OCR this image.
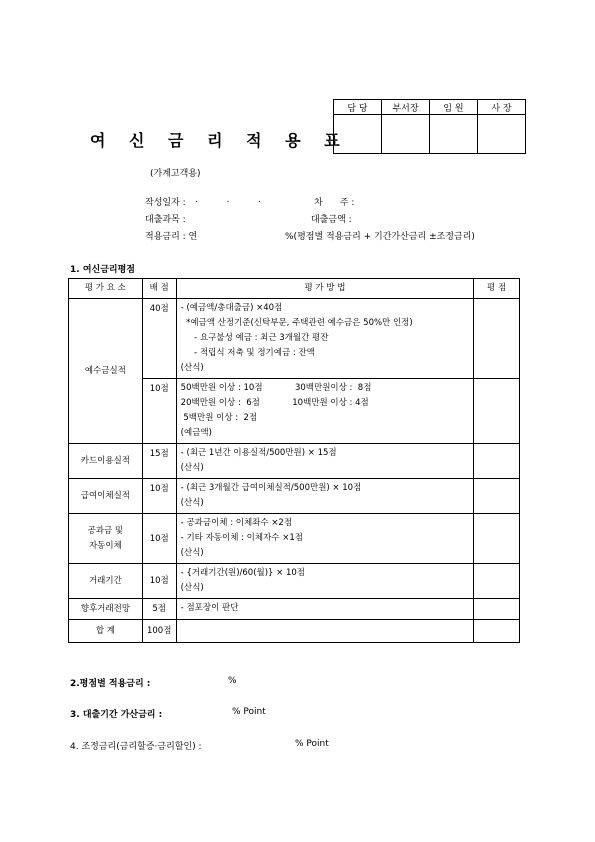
여 신 금 리 적 용 표
(가계고객용)
담 당	부서장	임 원	사 장

작성일자 : .          .          .	차      주 :
대출과목 :	대출금액 :
적용금리 : 연	%(평점별 적용금리 + 기간가산금리 ±조정금리)
1. 여신금리평점
평 가 요 소	배 점	평 가 방 법	평 점
예수금실적	40점	- (예금액/총대출금) ×40점
*예금액 산정기준(신탁부문, 주택관련 예수금은 50%만 인정)
- 요구불성 예금 : 최근 3개월간 평잔
- 적립식 저축 및 정기예금 : 잔액
(산식)	

	10점	50백만원 이상 : 10점            30백만원이상 :  8점
20백만원 이상 :  6점            10백만원 이상 : 4점
5백만원 이상 :  2점
(예금액)	

카드이용실적	15점	- (최근 1년간 이용실적/500만원) × 15점
(산식)	

급여이체실적	10점	- (최근 3개월간 급여이체실적/500만원) × 10점
(산식)	

공과금 및
자동이체	10점	- 공과금이체 : 이체좌수 ×2점
- 기타 자동이체 : 이체자수 ×1점
(산식)	

거래기간	10점	- {거래기간(원)/60(월)} × 10점
(산식)	

향후거래전망	5점	- 점포장이 판단	

합 계	100점		
2.평점별 적용금리 :	%
3. 대출기간 가산금리 :	% Point
4. 조정금리(금리할증·금리할인) :	% Point
